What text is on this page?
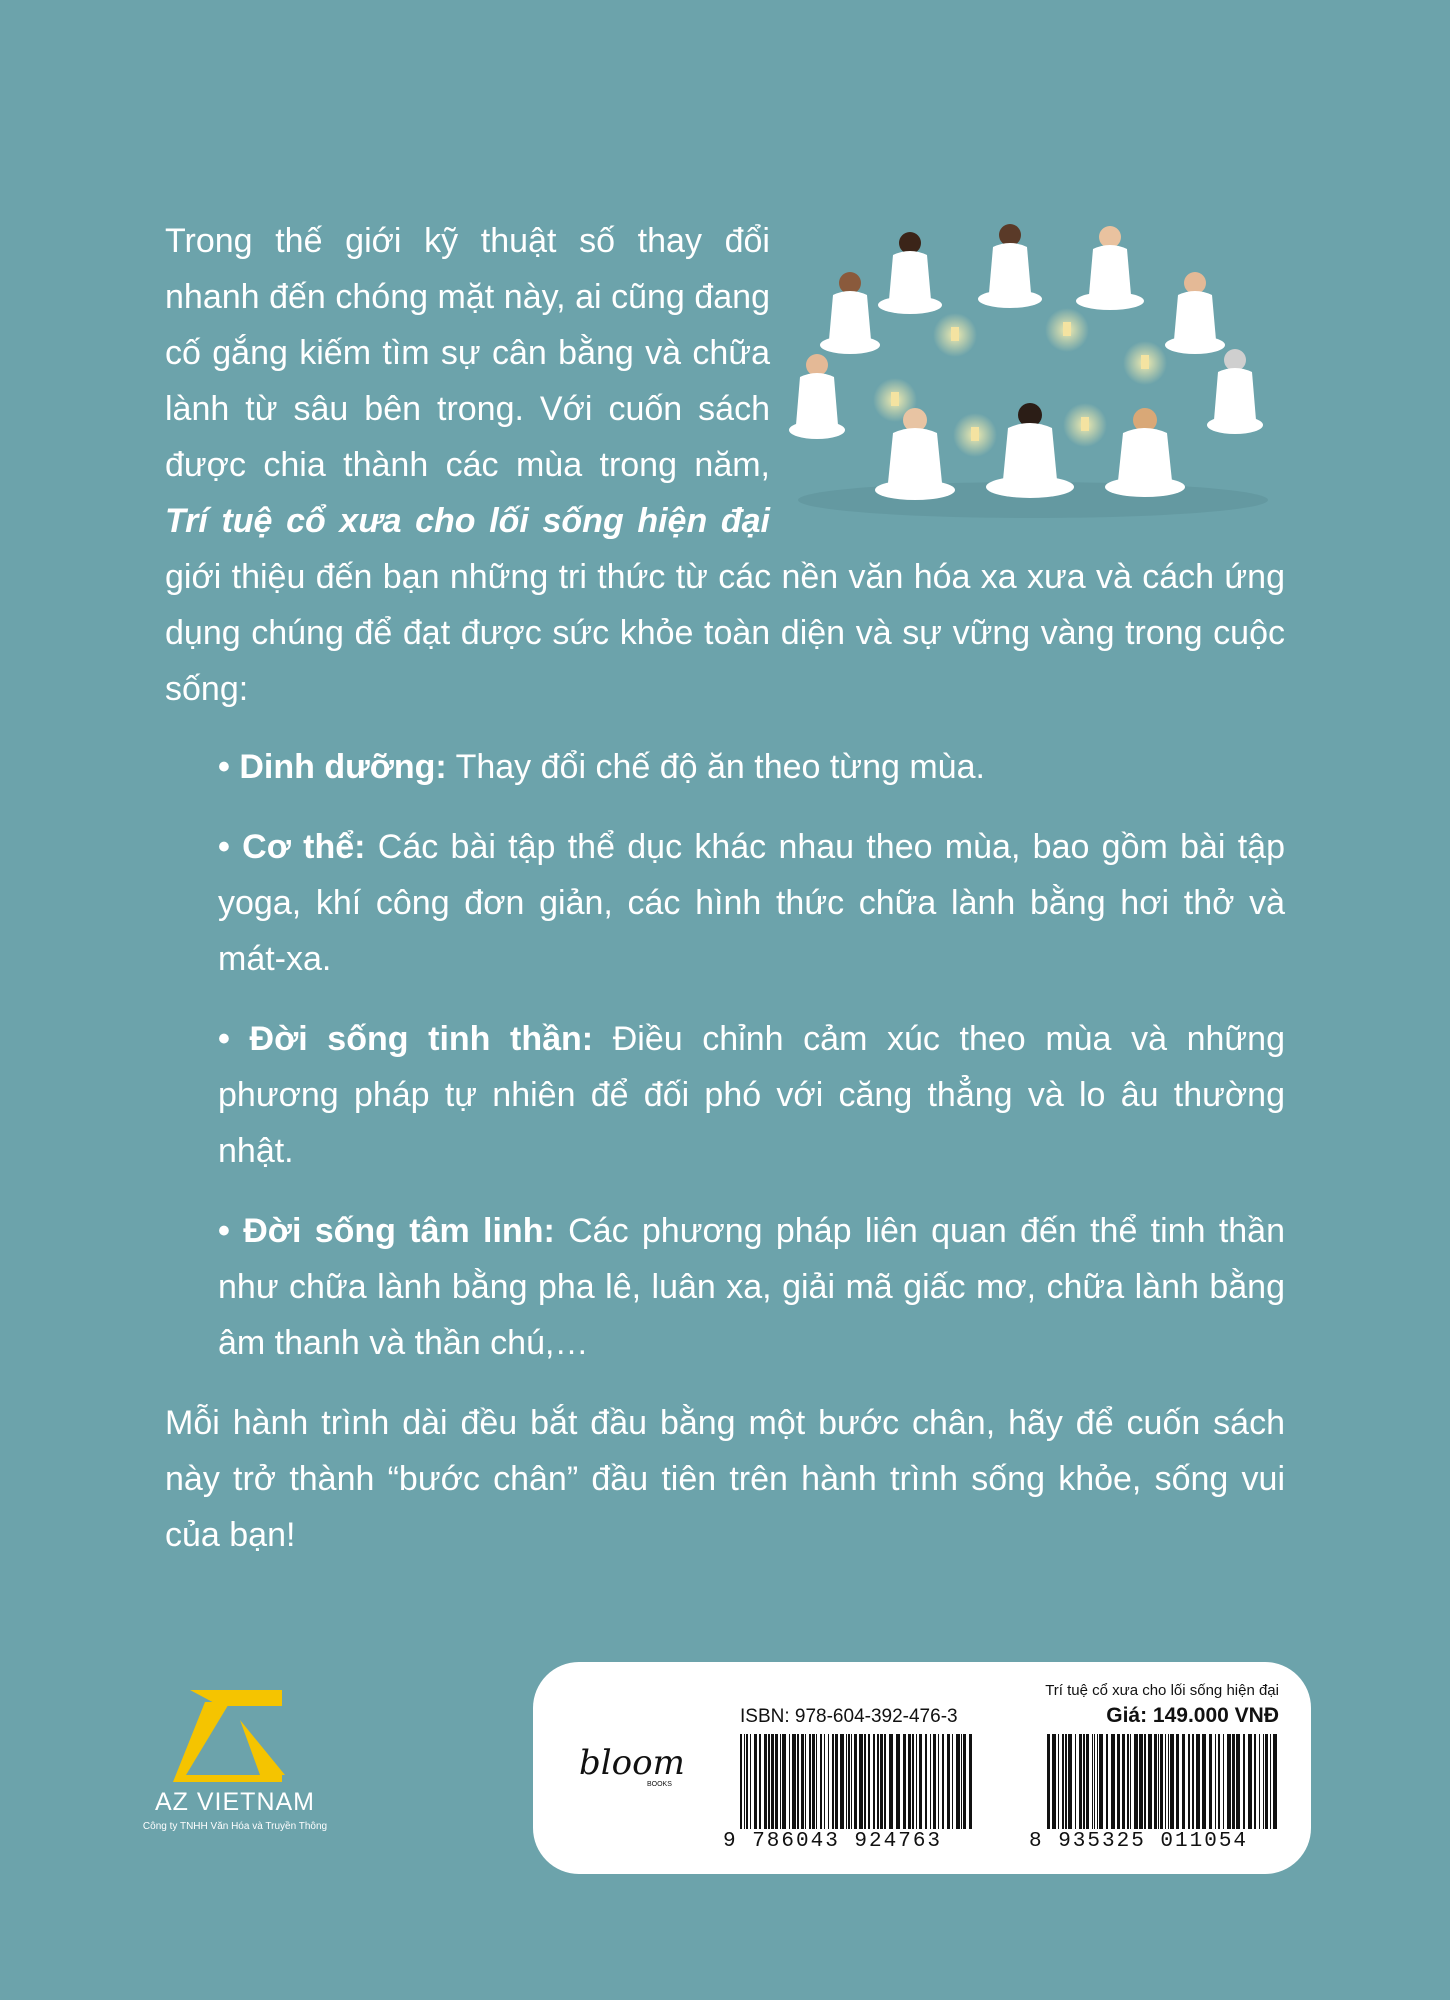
Trong thế giới kỹ thuật số thay đổi nhanh đến chóng mặt này, ai cũng đang cố gắng kiếm tìm sự cân bằng và chữa lành từ sâu bên trong. Với cuốn sách được chia thành các mùa trong năm, Trí tuệ cổ xưa cho lối sống hiện đại giới thiệu đến bạn những tri thức từ các nền văn hóa xa xưa và cách ứng dụng chúng để đạt được sức khỏe toàn diện và sự vững vàng trong cuộc sống:

• Dinh dưỡng: Thay đổi chế độ ăn theo từng mùa.

• Cơ thể: Các bài tập thể dục khác nhau theo mùa, bao gồm bài tập yoga, khí công đơn giản, các hình thức chữa lành bằng hơi thở và mát-xa.

• Đời sống tinh thần: Điều chỉnh cảm xúc theo mùa và những phương pháp tự nhiên để đối phó với căng thẳng và lo âu thường nhật.

• Đời sống tâm linh: Các phương pháp liên quan đến thể tinh thần như chữa lành bằng pha lê, luân xa, giải mã giấc mơ, chữa lành bằng âm thanh và thần chú,…

Mỗi hành trình dài đều bắt đầu bằng một bước chân, hãy để cuốn sách này trở thành “bước chân” đầu tiên trên hành trình sống khỏe, sống vui của bạn!

AZ VIETNAM
Công ty TNHH Văn Hóa và Truyền Thông
bloom
BOOKS
ISBN: 978-604-392-476-3
9 786043 924763
Trí tuệ cổ xưa cho lối sống hiện đại
Giá: 149.000 VNĐ
8 935325 011054
